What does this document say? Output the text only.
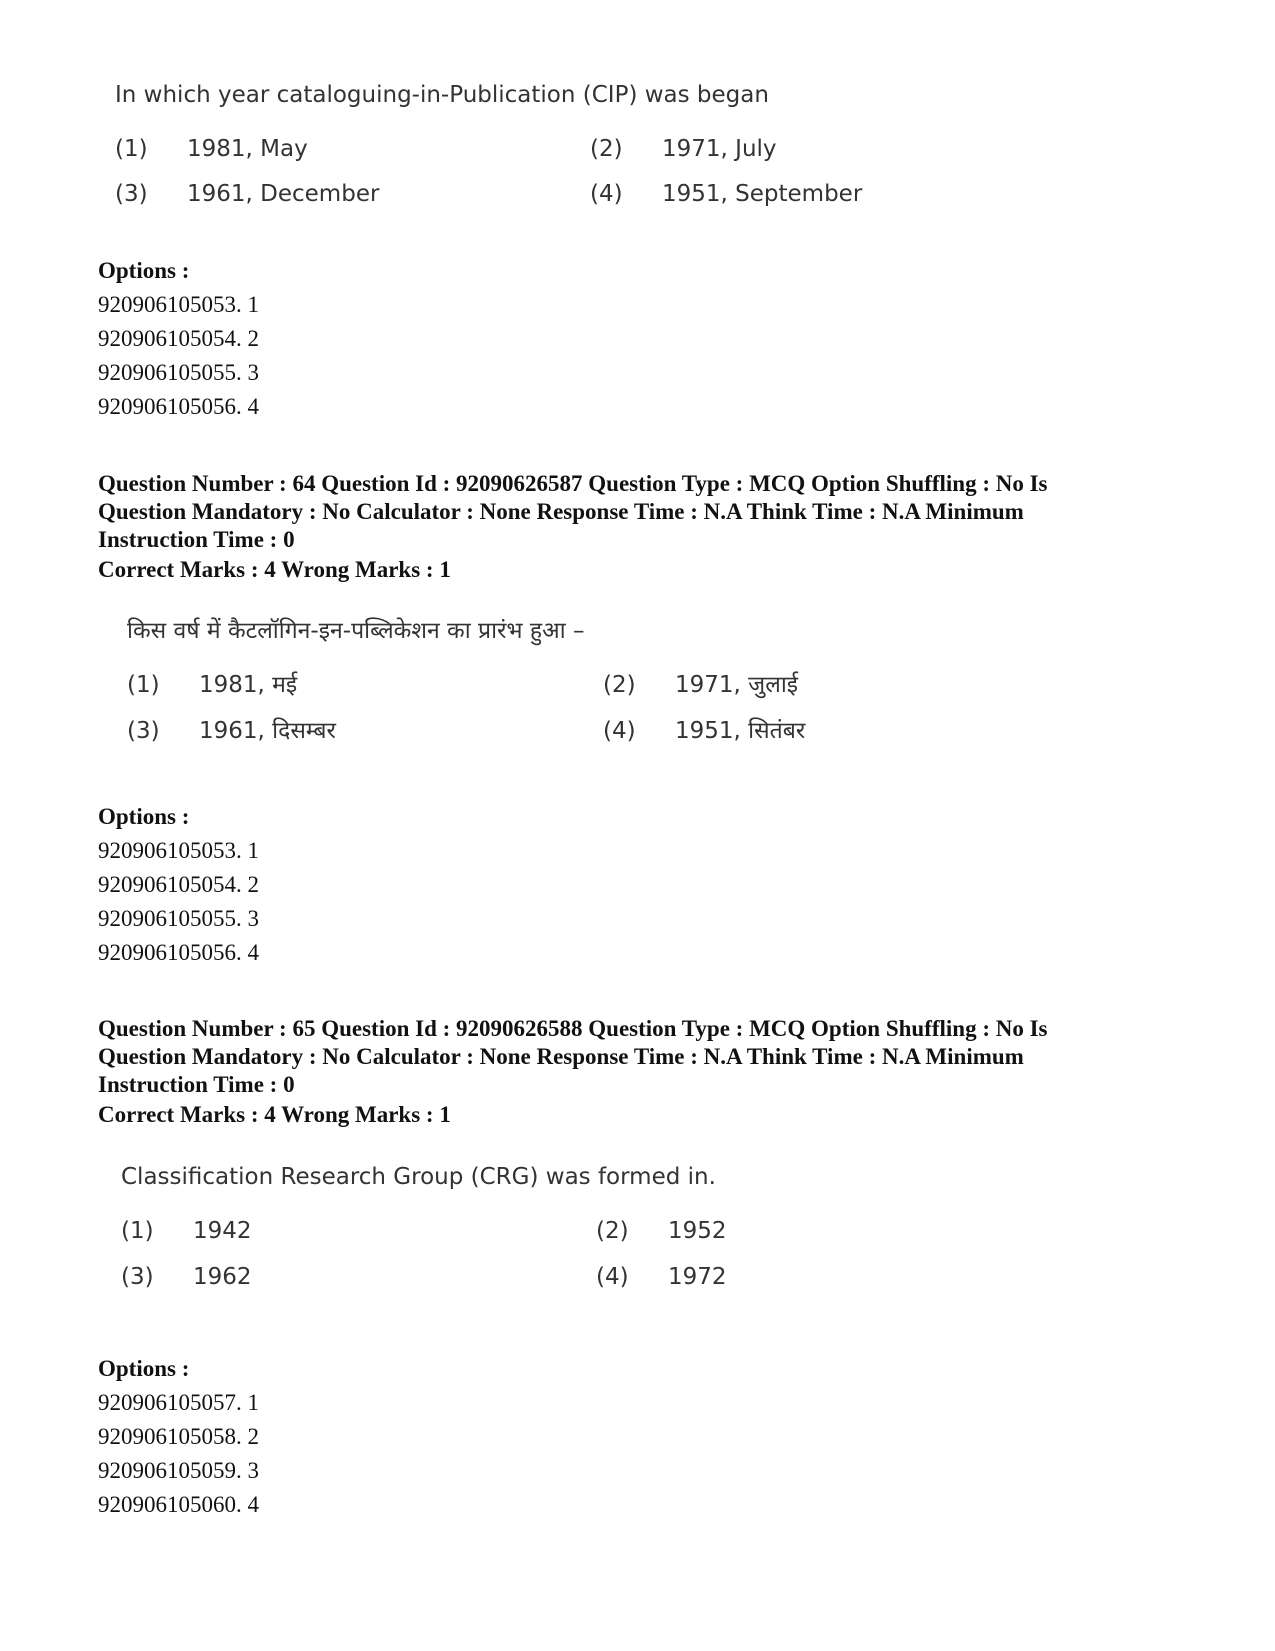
In which year cataloguing-in-Publication (CIP) was began
(1) 1981, May	(2) 1971, July
(3) 1961, December	(4) 1951, September
Options :
920906105053. 1
920906105054. 2
920906105055. 3
920906105056. 4
Question Number : 64 Question Id : 92090626587 Question Type : MCQ Option Shuffling : No Is
Question Mandatory : No Calculator : None Response Time : N.A Think Time : N.A Minimum
Instruction Time : 0
Correct Marks : 4 Wrong Marks : 1
किस वर्ष में कैटलॉगिन-इन-पब्लिकेशन का प्रारंभ हुआ –
(1) 1981, मई	(2) 1971, जुलाई
(3) 1961, दिसम्बर	(4) 1951, सितंबर
Options :
920906105053. 1
920906105054. 2
920906105055. 3
920906105056. 4
Question Number : 65 Question Id : 92090626588 Question Type : MCQ Option Shuffling : No Is
Question Mandatory : No Calculator : None Response Time : N.A Think Time : N.A Minimum
Instruction Time : 0
Correct Marks : 4 Wrong Marks : 1
Classification Research Group (CRG) was formed in.
(1) 1942	(2) 1952
(3) 1962	(4) 1972
Options :
920906105057. 1
920906105058. 2
920906105059. 3
920906105060. 4
